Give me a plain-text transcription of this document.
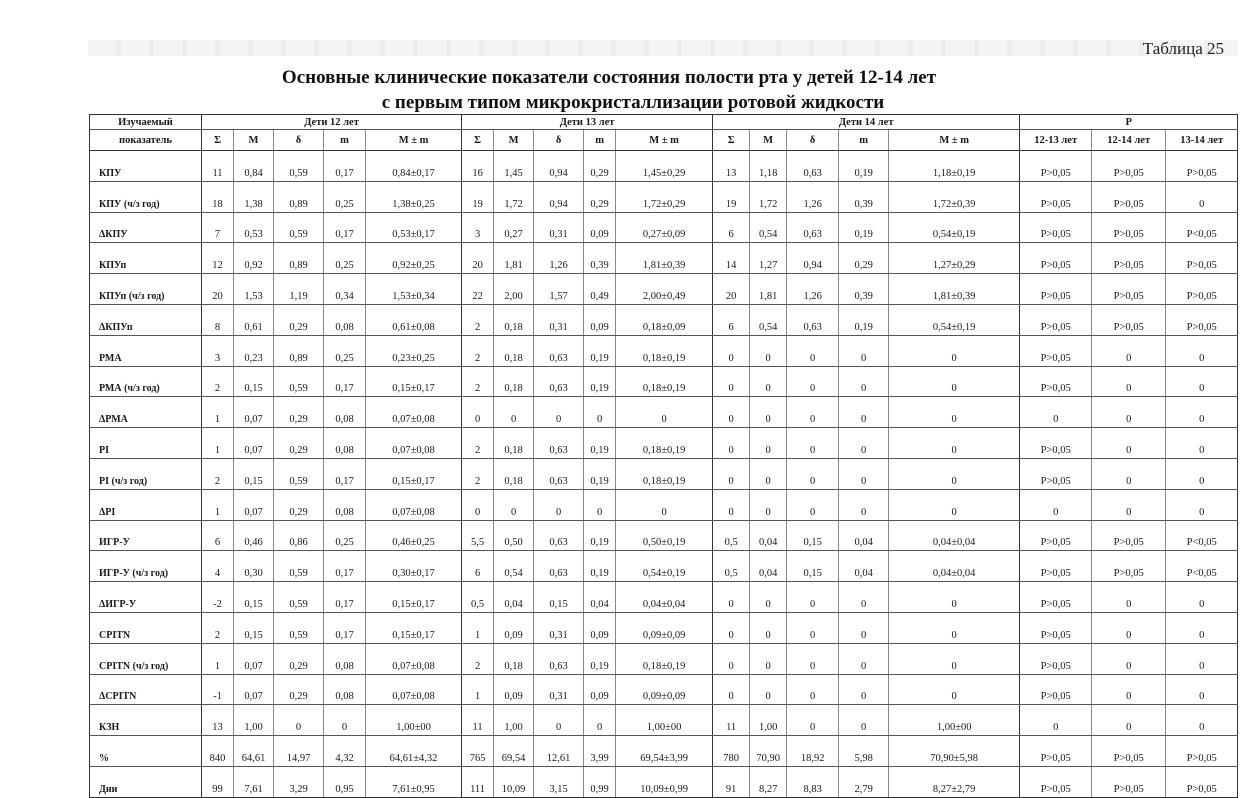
Таблица 25
Основные клинические показатели состояния полости рта у детей 12-14 лет
с первым типом микрокристаллизации ротовой жидкости
Изучаемый	Дети 12 лет					Дети 13 лет					Дети 14 лет					P		
показатель	Σ	M	δ	m	M ± m	Σ	M	δ	m	M ± m	Σ	M	δ	m	M ± m	12-13 лет	12-14 лет	13-14 лет
КПУ	11	0,84	0,59	0,17	0,84±0,17	16	1,45	0,94	0,29	1,45±0,29	13	1,18	0,63	0,19	1,18±0,19	P>0,05	P>0,05	P>0,05
КПУ (ч/з год)	18	1,38	0,89	0,25	1,38±0,25	19	1,72	0,94	0,29	1,72±0,29	19	1,72	1,26	0,39	1,72±0,39	P>0,05	P>0,05	0
ΔКПУ	7	0,53	0,59	0,17	0,53±0,17	3	0,27	0,31	0,09	0,27±0,09	6	0,54	0,63	0,19	0,54±0,19	P>0,05	P>0,05	P<0,05
КПУп	12	0,92	0,89	0,25	0,92±0,25	20	1,81	1,26	0,39	1,81±0,39	14	1,27	0,94	0,29	1,27±0,29	P>0,05	P>0,05	P>0,05
КПУп (ч/з год)	20	1,53	1,19	0,34	1,53±0,34	22	2,00	1,57	0,49	2,00±0,49	20	1,81	1,26	0,39	1,81±0,39	P>0,05	P>0,05	P>0,05
ΔКПУп	8	0,61	0,29	0,08	0,61±0,08	2	0,18	0,31	0,09	0,18±0,09	6	0,54	0,63	0,19	0,54±0,19	P>0,05	P>0,05	P>0,05
РМА	3	0,23	0,89	0,25	0,23±0,25	2	0,18	0,63	0,19	0,18±0,19	0	0	0	0	0	P>0,05	0	0
РМА (ч/з год)	2	0,15	0,59	0,17	0,15±0,17	2	0,18	0,63	0,19	0,18±0,19	0	0	0	0	0	P>0,05	0	0
ΔРМА	1	0,07	0,29	0,08	0,07±0,08	0	0	0	0	0	0	0	0	0	0	0	0	0
PI	1	0,07	0,29	0,08	0,07±0,08	2	0,18	0,63	0,19	0,18±0,19	0	0	0	0	0	P>0,05	0	0
PI (ч/з год)	2	0,15	0,59	0,17	0,15±0,17	2	0,18	0,63	0,19	0,18±0,19	0	0	0	0	0	P>0,05	0	0
ΔPI	1	0,07	0,29	0,08	0,07±0,08	0	0	0	0	0	0	0	0	0	0	0	0	0
ИГР-У	6	0,46	0,86	0,25	0,46±0,25	5,5	0,50	0,63	0,19	0,50±0,19	0,5	0,04	0,15	0,04	0,04±0,04	P>0,05	P>0,05	P<0,05
ИГР-У (ч/з год)	4	0,30	0,59	0,17	0,30±0,17	6	0,54	0,63	0,19	0,54±0,19	0,5	0,04	0,15	0,04	0,04±0,04	P>0,05	P>0,05	P<0,05
ΔИГР-У	-2	0,15	0,59	0,17	0,15±0,17	0,5	0,04	0,15	0,04	0,04±0,04	0	0	0	0	0	P>0,05	0	0
CPITN	2	0,15	0,59	0,17	0,15±0,17	1	0,09	0,31	0,09	0,09±0,09	0	0	0	0	0	P>0,05	0	0
CPITN (ч/з год)	1	0,07	0,29	0,08	0,07±0,08	2	0,18	0,63	0,19	0,18±0,19	0	0	0	0	0	P>0,05	0	0
ΔCPITN	-1	0,07	0,29	0,08	0,07±0,08	1	0,09	0,31	0,09	0,09±0,09	0	0	0	0	0	P>0,05	0	0
КЗН	13	1,00	0	0	1,00±00	11	1,00	0	0	1,00±00	11	1,00	0	0	1,00±00	0	0	0
%	840	64,61	14,97	4,32	64,61±4,32	765	69,54	12,61	3,99	69,54±3,99	780	70,90	18,92	5,98	70,90±5,98	P>0,05	P>0,05	P>0,05
Дни	99	7,61	3,29	0,95	7,61±0,95	111	10,09	3,15	0,99	10,09±0,99	91	8,27	8,83	2,79	8,27±2,79	P>0,05	P>0,05	P>0,05
